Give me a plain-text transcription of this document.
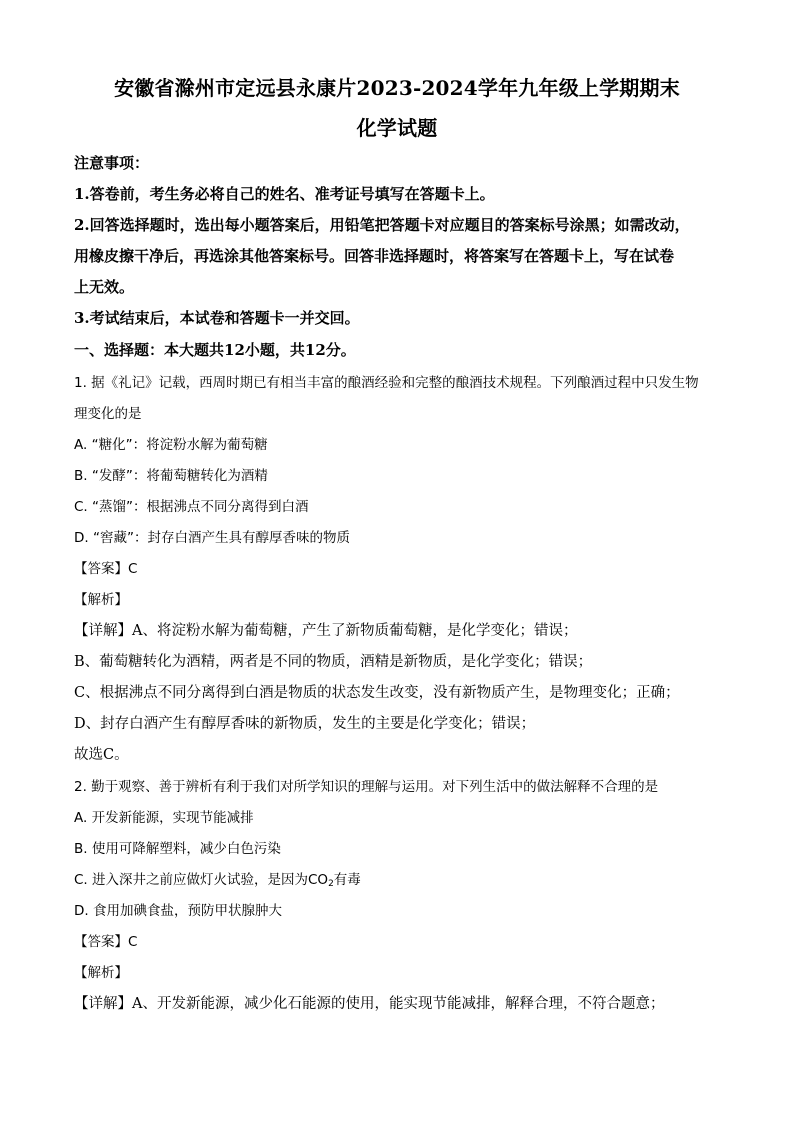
安徽省滁州市定远县永康片2023-2024学年九年级上学期期末
化学试题
注意事项：
1.答卷前，考生务必将自己的姓名、准考证号填写在答题卡上。
2.回答选择题时，选出每小题答案后，用铅笔把答题卡对应题目的答案标号涂黑；如需改动，
用橡皮擦干净后，再选涂其他答案标号。回答非选择题时，将答案写在答题卡上，写在试卷
上无效。
3.考试结束后，本试卷和答题卡一并交回。
一、选择题：本大题共12小题，共12分。
1. 据《礼记》记载，西周时期已有相当丰富的酿酒经验和完整的酿酒技术规程。下列酿酒过程中只发生物
理变化的是
A. “糖化”：将淀粉水解为葡萄糖
B. “发酵”：将葡萄糖转化为酒精
C. “蒸馏”：根据沸点不同分离得到白酒
D. “窖藏”：封存白酒产生具有醇厚香味的物质
【答案】C
【解析】
【详解】A、将淀粉水解为葡萄糖，产生了新物质葡萄糖，是化学变化；错误；
B、葡萄糖转化为酒精，两者是不同的物质，酒精是新物质，是化学变化；错误；
C、根据沸点不同分离得到白酒是物质的状态发生改变，没有新物质产生，是物理变化；正确；
D、封存白酒产生有醇厚香味的新物质，发生的主要是化学变化；错误；
故选C。
2. 勤于观察、善于辨析有利于我们对所学知识的理解与运用。对下列生活中的做法解释不合理的是
A. 开发新能源，实现节能减排
B. 使用可降解塑料，减少白色污染
C. 进入深井之前应做灯火试验，是因为$CO_2$有毒
D. 食用加碘食盐，预防甲状腺肿大
【答案】C
【解析】
【详解】A、开发新能源，减少化石能源的使用，能实现节能减排，解释合理，不符合题意；
